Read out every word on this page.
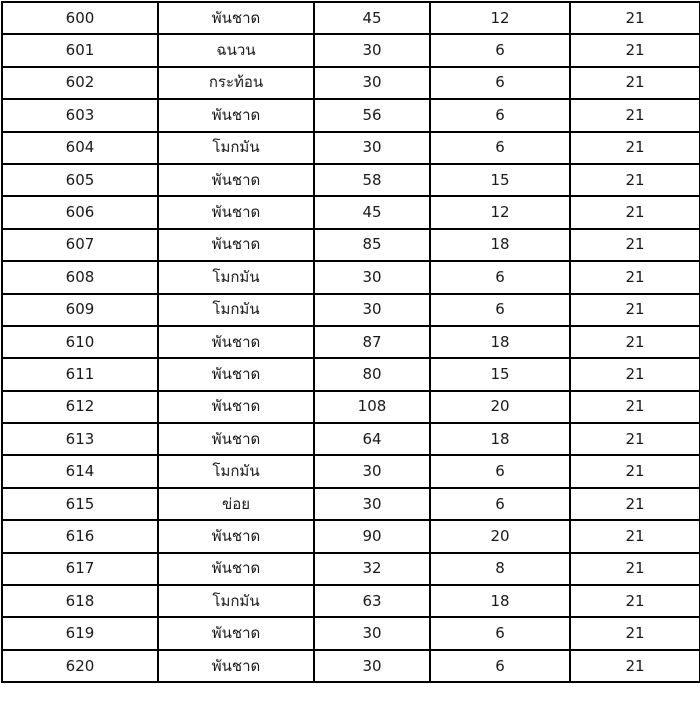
600	พันชาด	45	12	21
601	ฉนวน	30	6	21
602	กระท้อน	30	6	21
603	พันชาด	56	6	21
604	โมกมัน	30	6	21
605	พันชาด	58	15	21
606	พันชาด	45	12	21
607	พันชาด	85	18	21
608	โมกมัน	30	6	21
609	โมกมัน	30	6	21
610	พันชาด	87	18	21
611	พันชาด	80	15	21
612	พันชาด	108	20	21
613	พันชาด	64	18	21
614	โมกมัน	30	6	21
615	ข่อย	30	6	21
616	พันชาด	90	20	21
617	พันชาด	32	8	21
618	โมกมัน	63	18	21
619	พันชาด	30	6	21
620	พันชาด	30	6	21
